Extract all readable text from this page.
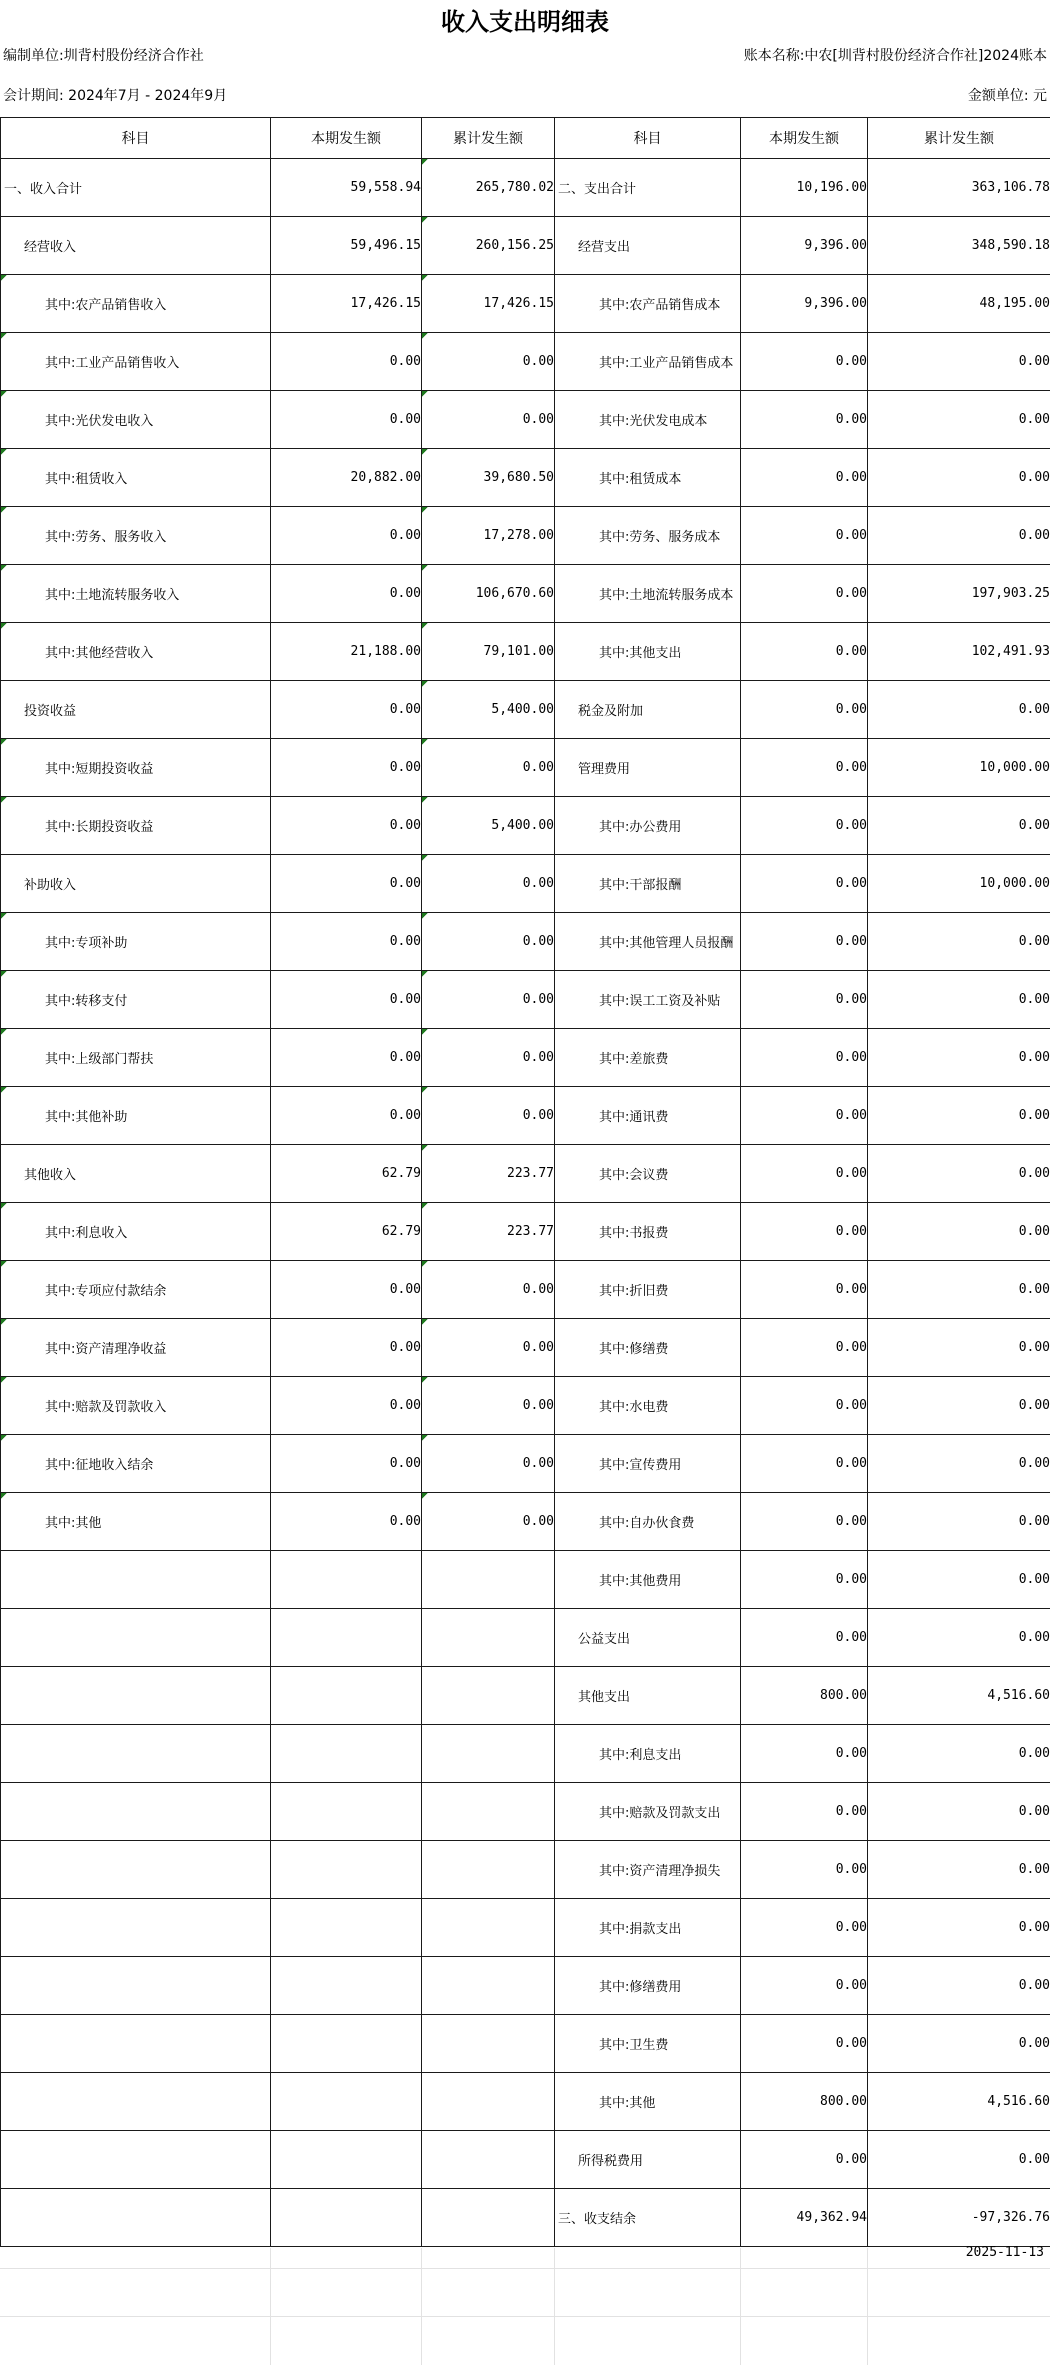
收入支出明细表
编制单位:圳背村股份经济合作社	账本名称:中农[圳背村股份经济合作社]2024账本
会计期间: 2024年7月 - 2024年9月	金额单位: 元
科目	本期发生额	累计发生额	科目	本期发生额	累计发生额
一、收入合计	59,558.94	265,780.02	二、支出合计	10,196.00	363,106.78
经营收入	59,496.15	260,156.25	经营支出	9,396.00	348,590.18
其中:农产品销售收入	17,426.15	17,426.15	其中:农产品销售成本	9,396.00	48,195.00
其中:工业产品销售收入	0.00	0.00	其中:工业产品销售成本	0.00	0.00
其中:光伏发电收入	0.00	0.00	其中:光伏发电成本	0.00	0.00
其中:租赁收入	20,882.00	39,680.50	其中:租赁成本	0.00	0.00
其中:劳务、服务收入	0.00	17,278.00	其中:劳务、服务成本	0.00	0.00
其中:土地流转服务收入	0.00	106,670.60	其中:土地流转服务成本	0.00	197,903.25
其中:其他经营收入	21,188.00	79,101.00	其中:其他支出	0.00	102,491.93
投资收益	0.00	5,400.00	税金及附加	0.00	0.00
其中:短期投资收益	0.00	0.00	管理费用	0.00	10,000.00
其中:长期投资收益	0.00	5,400.00	其中:办公费用	0.00	0.00
补助收入	0.00	0.00	其中:干部报酬	0.00	10,000.00
其中:专项补助	0.00	0.00	其中:其他管理人员报酬	0.00	0.00
其中:转移支付	0.00	0.00	其中:误工工资及补贴	0.00	0.00
其中:上级部门帮扶	0.00	0.00	其中:差旅费	0.00	0.00
其中:其他补助	0.00	0.00	其中:通讯费	0.00	0.00
其他收入	62.79	223.77	其中:会议费	0.00	0.00
其中:利息收入	62.79	223.77	其中:书报费	0.00	0.00
其中:专项应付款结余	0.00	0.00	其中:折旧费	0.00	0.00
其中:资产清理净收益	0.00	0.00	其中:修缮费	0.00	0.00
其中:赔款及罚款收入	0.00	0.00	其中:水电费	0.00	0.00
其中:征地收入结余	0.00	0.00	其中:宣传费用	0.00	0.00
其中:其他	0.00	0.00	其中:自办伙食费	0.00	0.00
			其中:其他费用	0.00	0.00
			公益支出	0.00	0.00
			其他支出	800.00	4,516.60
			其中:利息支出	0.00	0.00
			其中:赔款及罚款支出	0.00	0.00
			其中:资产清理净损失	0.00	0.00
			其中:捐款支出	0.00	0.00
			其中:修缮费用	0.00	0.00
			其中:卫生费	0.00	0.00
			其中:其他	800.00	4,516.60
			所得税费用	0.00	0.00
			三、收支结余	49,362.94	-97,326.76
2025-11-13
